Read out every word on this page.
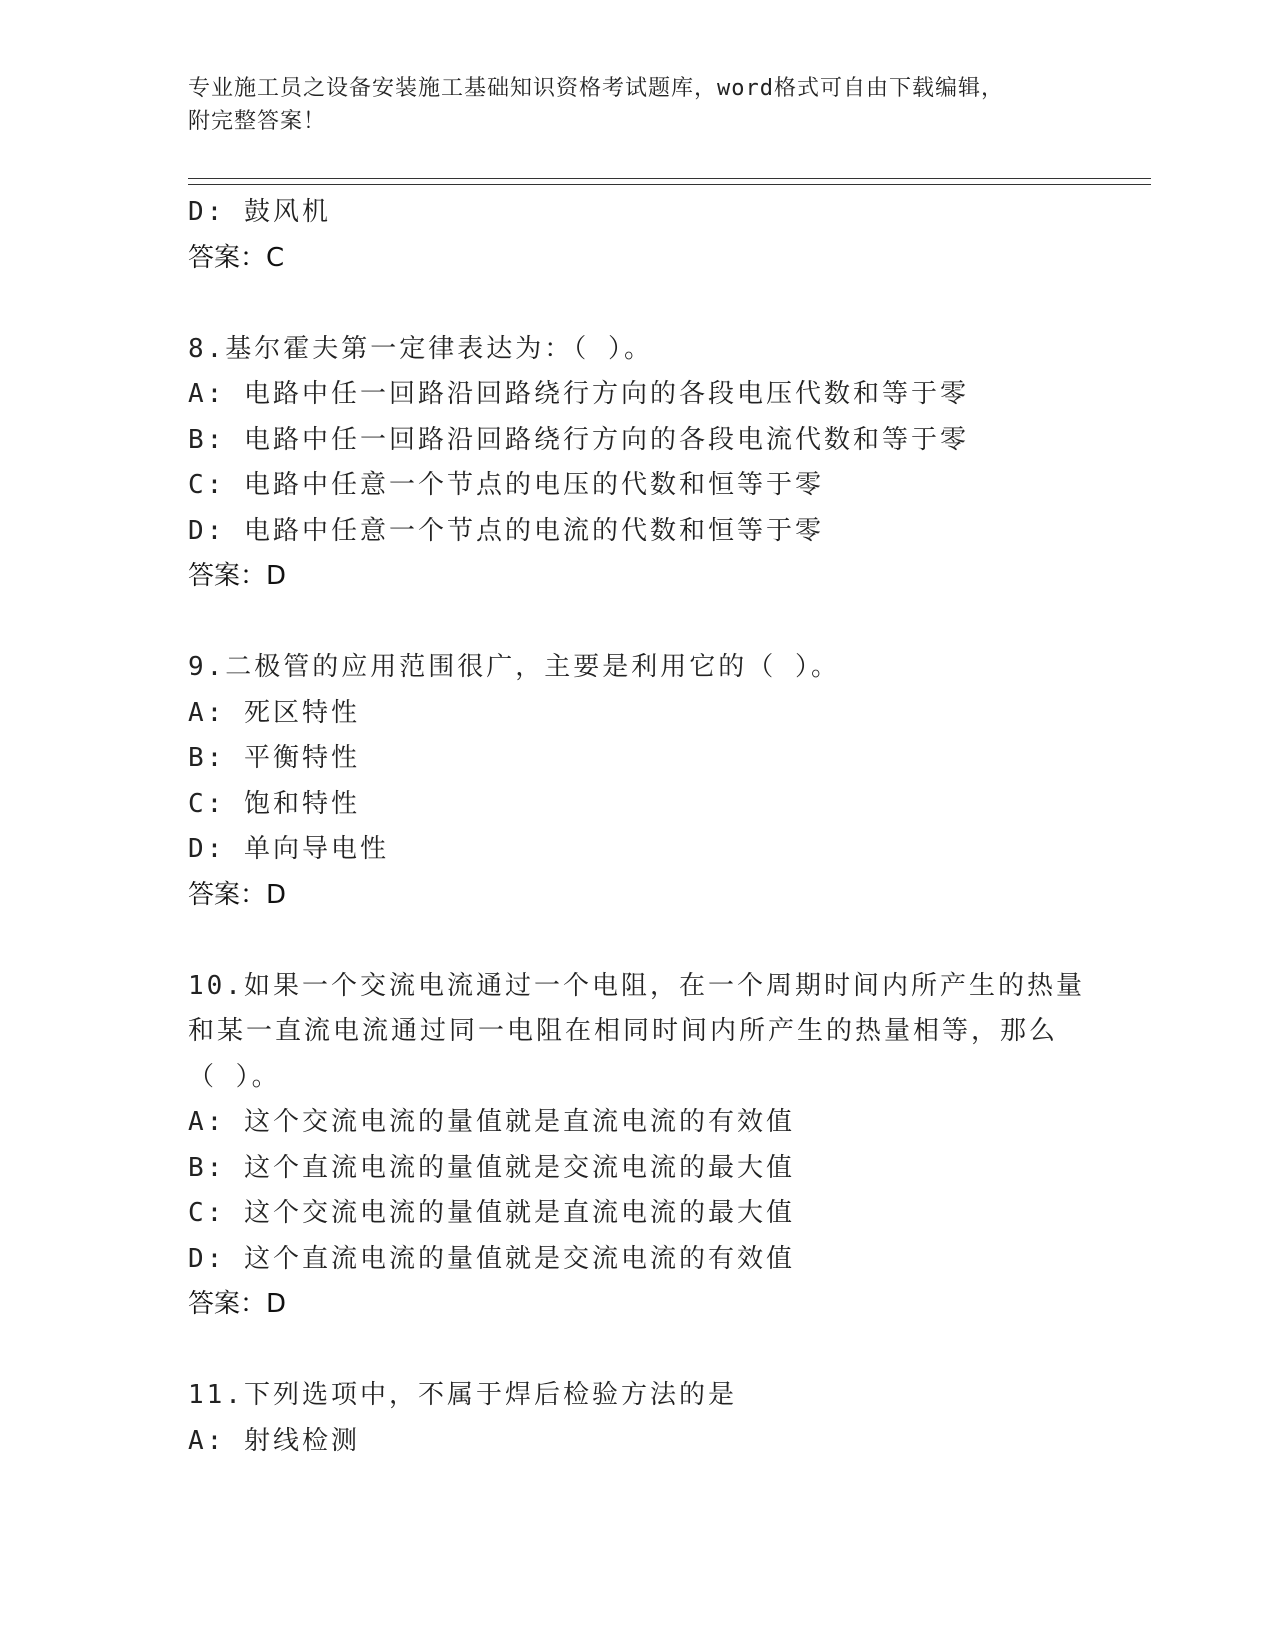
专业施工员之设备安装施工基础知识资格考试题库，word格式可自由下载编辑，
附完整答案！
D: 鼓风机
答案：C
8.基尔霍夫第一定律表达为：（ ）。
A: 电路中任一回路沿回路绕行方向的各段电压代数和等于零
B: 电路中任一回路沿回路绕行方向的各段电流代数和等于零
C: 电路中任意一个节点的电压的代数和恒等于零
D: 电路中任意一个节点的电流的代数和恒等于零
答案：D
9.二极管的应用范围很广，主要是利用它的（ ）。
A: 死区特性
B: 平衡特性
C: 饱和特性
D: 单向导电性
答案：D
10.如果一个交流电流通过一个电阻，在一个周期时间内所产生的热量
和某一直流电流通过同一电阻在相同时间内所产生的热量相等，那么
（ ）。
A: 这个交流电流的量值就是直流电流的有效值
B: 这个直流电流的量值就是交流电流的最大值
C: 这个交流电流的量值就是直流电流的最大值
D: 这个直流电流的量值就是交流电流的有效值
答案：D
11.下列选项中，不属于焊后检验方法的是
A: 射线检测
